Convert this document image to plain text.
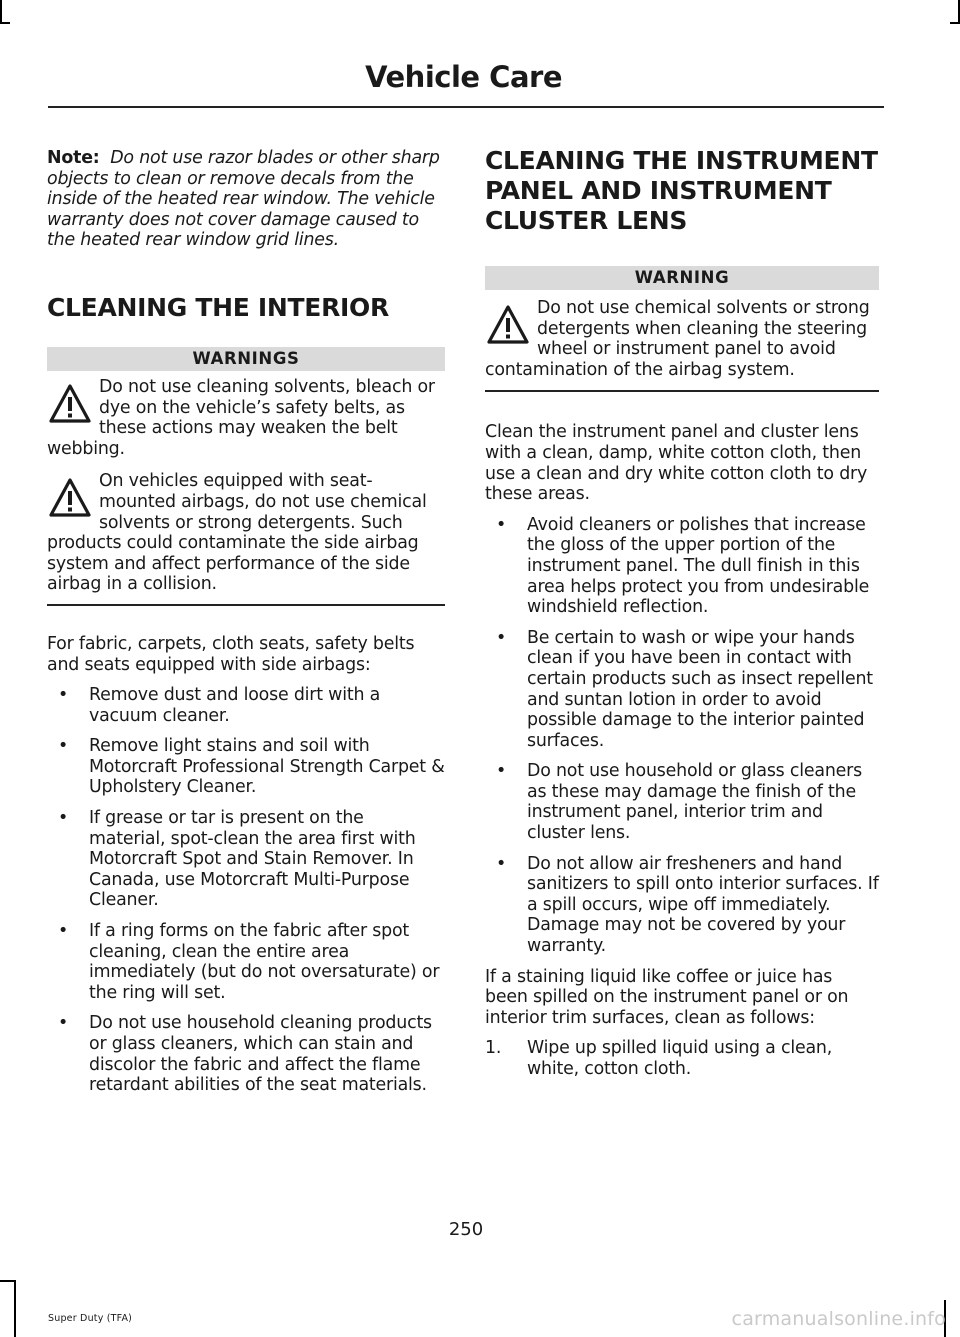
Vehicle Care

Note: Do not use razor blades or other sharp objects to clean or remove decals from the inside of the heated rear window. The vehicle warranty does not cover damage caused to the heated rear window grid lines.

CLEANING THE INTERIOR
WARNINGS
Do not use cleaning solvents, bleach or dye on the vehicle’s safety belts, as these actions may weaken the belt webbing.
On vehicles equipped with seat-mounted airbags, do not use chemical solvents or strong detergents. Such products could contaminate the side airbag system and affect performance of the side airbag in a collision.

For fabric, carpets, cloth seats, safety belts and seats equipped with side airbags:

• Remove dust and loose dirt with a vacuum cleaner.
• Remove light stains and soil with Motorcraft Professional Strength Carpet & Upholstery Cleaner.
• If grease or tar is present on the material, spot-clean the area first with Motorcraft Spot and Stain Remover. In Canada, use Motorcraft Multi-Purpose Cleaner.
• If a ring forms on the fabric after spot cleaning, clean the entire area immediately (but do not oversaturate) or the ring will set.
• Do not use household cleaning products or glass cleaners, which can stain and discolor the fabric and affect the flame retardant abilities of the seat materials.
CLEANING THE INSTRUMENT
PANEL AND INSTRUMENT
CLUSTER LENS
WARNING
Do not use chemical solvents or strong detergents when cleaning the steering wheel or instrument panel to avoid contamination of the airbag system.

Clean the instrument panel and cluster lens with a clean, damp, white cotton cloth, then use a clean and dry white cotton cloth to dry these areas.

• Avoid cleaners or polishes that increase the gloss of the upper portion of the instrument panel. The dull finish in this area helps protect you from undesirable windshield reflection.
• Be certain to wash or wipe your hands clean if you have been in contact with certain products such as insect repellent and suntan lotion in order to avoid possible damage to the interior painted surfaces.
• Do not use household or glass cleaners as these may damage the finish of the instrument panel, interior trim and cluster lens.
• Do not allow air fresheners and hand sanitizers to spill onto interior surfaces. If a spill occurs, wipe off immediately. Damage may not be covered by your warranty.

If a staining liquid like coffee or juice has been spilled on the instrument panel or on interior trim surfaces, clean as follows:

1. Wipe up spilled liquid using a clean, white, cotton cloth.
250
Super Duty (TFA)	carmanualsonline.info
